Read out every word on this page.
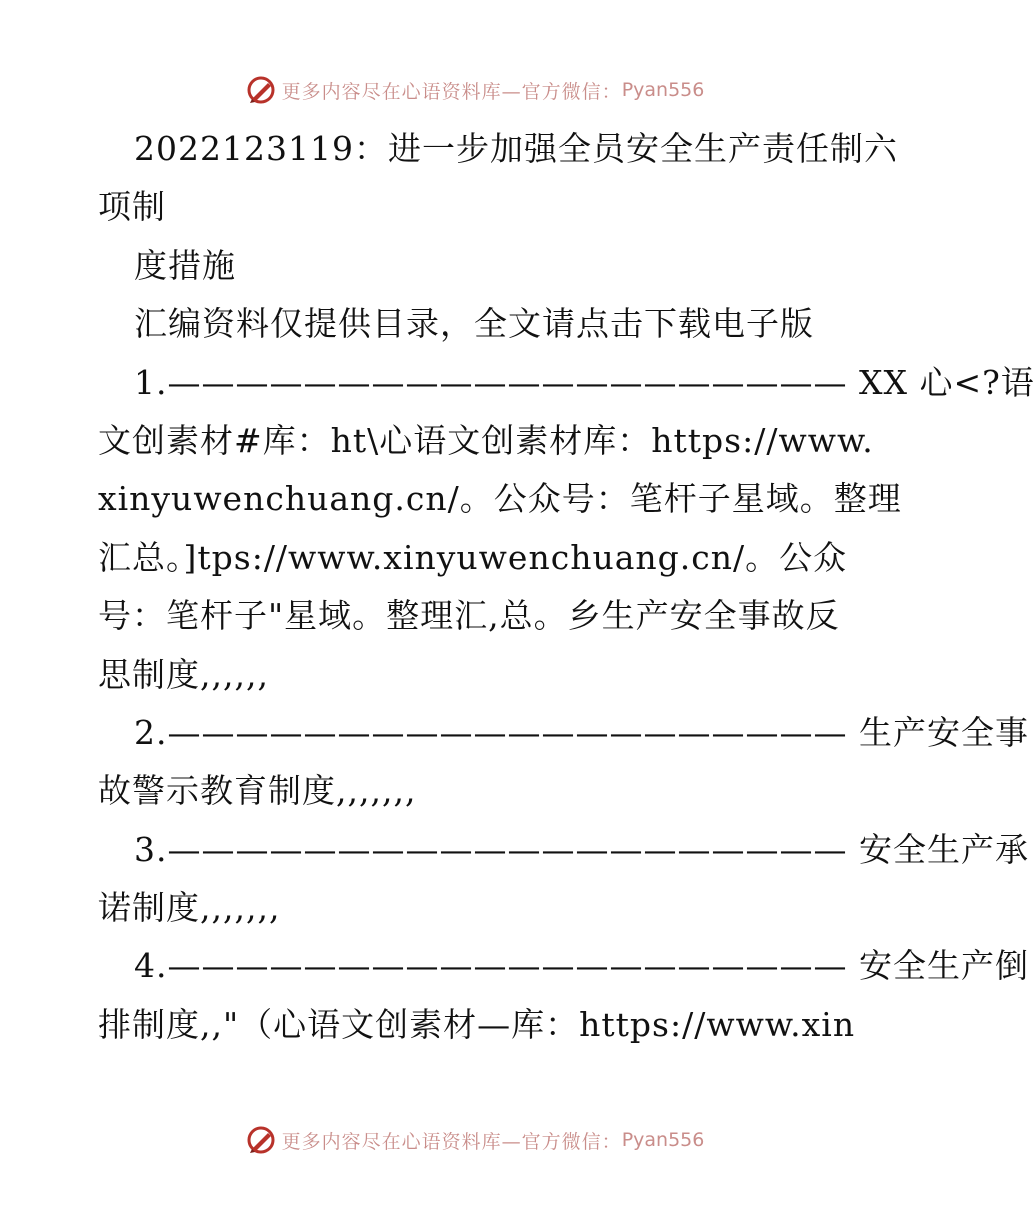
更多内容尽在心语资料库— 官方微信： Pyan556
2022123119：进一步加强全员安全生产责任制六
项制
度措施
汇编资料仅提供目录，全文请点击下载电子版
1.———————————————————— XX 心<?语
文创素材#库：ht\心语文创素材库：https://www.
xinyuwenchuang.cn/。公众号：笔杆子星域。整理
汇总。]tps://www.xinyuwenchuang.cn/。公众
号：笔杆子"星域。整理汇,总。乡生产安全事故反
思制度,,,,,,
2.———————————————————— 生产安全事
故警示教育制度,,,,,,,
3.———————————————————— 安全生产承
诺制度,,,,,,,
4.———————————————————— 安全生产倒
排制度,,"（心语文创素材—库：https://www.xin
更多内容尽在心语资料库— 官方微信： Pyan556
